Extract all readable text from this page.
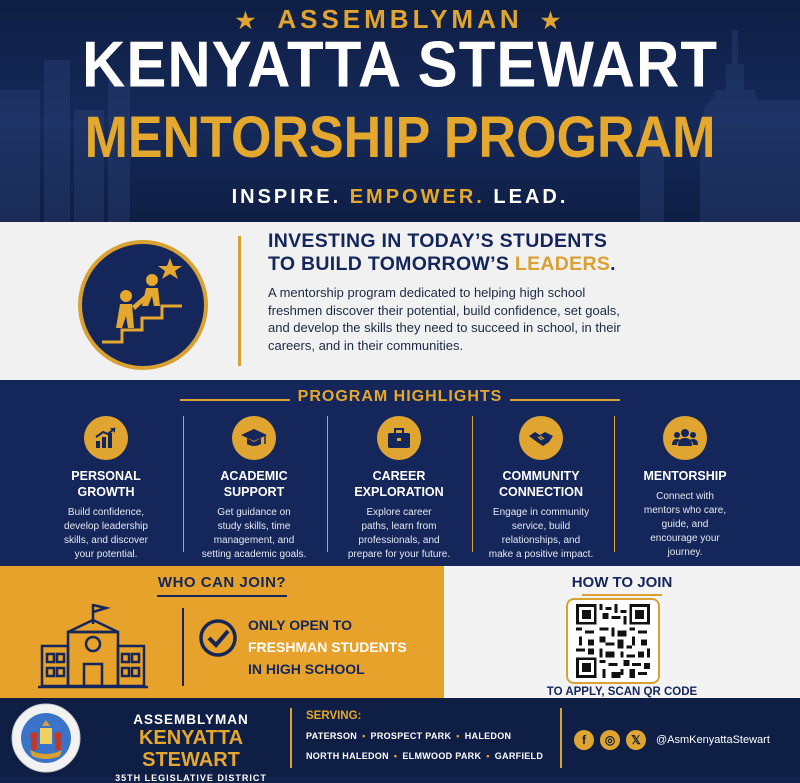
★ ASSEMBLYMAN ★
KENYATTA STEWART
MENTORSHIP PROGRAM
INSPIRE. EMPOWER. LEAD.
INVESTING IN TODAY’S STUDENTS
TO BUILD TOMORROW’S LEADERS.
A mentorship program dedicated to helping high school freshmen discover their potential, build confidence, set goals, and develop the skills they need to succeed in school, in their careers, and in their communities.
PROGRAM HIGHLIGHTS
PERSONAL
GROWTH
Build confidence,
develop leadership
skills, and discover
your potential.
ACADEMIC
SUPPORT
Get guidance on
study skills, time
management, and
setting academic goals.
CAREER
EXPLORATION
Explore career
paths, learn from
professionals, and
prepare for your future.
COMMUNITY
CONNECTION
Engage in community
service, build
relationships, and
make a positive impact.
MENTORSHIP
Connect with
mentors who care,
guide, and
encourage your
journey.
WHO CAN JOIN?
ONLY OPEN TO
FRESHMAN STUDENTS
IN HIGH SCHOOL
HOW TO JOIN
TO APPLY, SCAN QR CODE
ASSEMBLYMAN
KENYATTA STEWART
35TH LEGISLATIVE DISTRICT
SERVING:
PATERSON • PROSPECT PARK • HALEDON
NORTH HALEDON • ELMWOOD PARK • GARFIELD
f	◎	𝕏	@AsmKenyattaStewart
